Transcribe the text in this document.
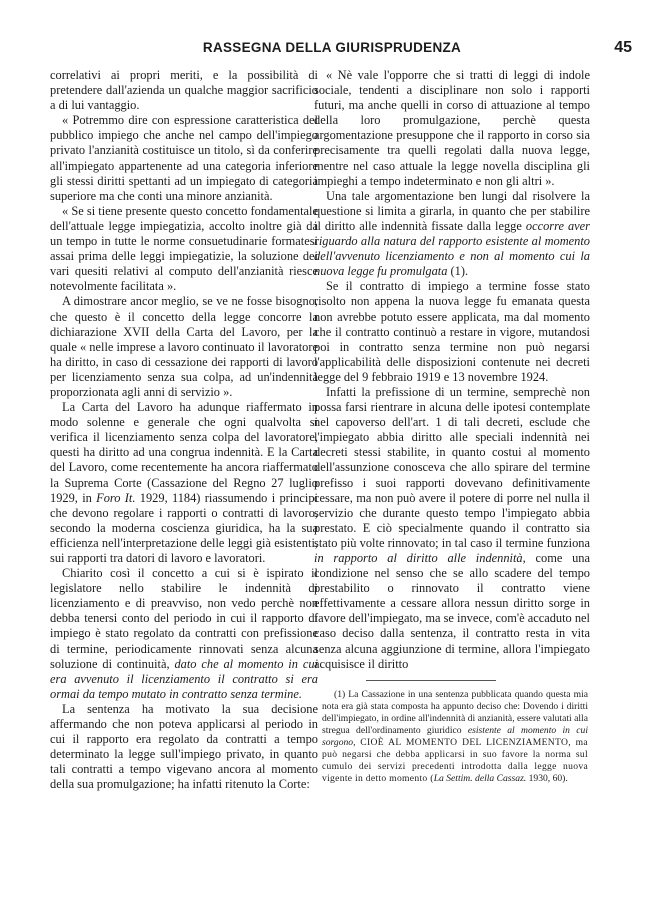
RASSEGNA DELLA GIURISPRUDENZA	45

correlativi ai propri meriti, e la possibilità di pretendere dall'azienda un qualche maggior sacrificio a di lui vantaggio.

« Potremmo dire con espressione caratteristica del pubblico impiego che anche nel campo dell'impiego privato l'anzianità costituisce un titolo, sì da conferire all'impiegato appartenente ad una categoria inferiore gli stessi diritti spettanti ad un impiegato di categoria superiore ma che conti una minore anzianità.

« Se si tiene presente questo concetto fondamentale dell'attuale legge impiegatizia, accolto inoltre già da un tempo in tutte le norme consuetudinarie formatesi assai prima delle leggi impiegatizie, la soluzione dei vari quesiti relativi al computo dell'anzianità riesce notevolmente facilitata ».

A dimostrare ancor meglio, se ve ne fosse bisogno, che questo è il concetto della legge concorre la dichiarazione XVII della Carta del Lavoro, per la quale « nelle imprese a lavoro continuato il lavoratore ha diritto, in caso di cessazione dei rapporti di lavoro per licenziamento senza sua colpa, ad un'indennità proporzionata agli anni di servizio ».

La Carta del Lavoro ha adunque riaffermato in modo solenne e generale che ogni qualvolta si verifica il licenziamento senza colpa del lavoratore, questi ha diritto ad una congrua indennità. E la Carta del Lavoro, come recentemente ha ancora riaffermato la Suprema Corte (Cassazione del Regno 27 luglio 1929, in Foro It. 1929, 1184) riassumendo i principi che devono regolare i rapporti o contratti di lavoro, secondo la moderna coscienza giuridica, ha la sua efficienza nell'interpretazione delle leggi già esistenti, sui rapporti tra datori di lavoro e lavoratori.

Chiarito così il concetto a cui si è ispirato il legislatore nello stabilire le indennità di licenziamento e di preavviso, non vedo perchè non debba tenersi conto del periodo in cui il rapporto di impiego è stato regolato da contratti con prefissione di termine, periodicamente rinnovati senza alcuna soluzione di continuità, dato che al momento in cui era avvenuto il licenziamento il contratto si era ormai da tempo mutato in contratto senza termine.

La sentenza ha motivato la sua decisione affermando che non poteva applicarsi al periodo in cui il rapporto era regolato da contratti a tempo determinato la legge sull'impiego privato, in quanto tali contratti a tempo vigevano ancora al momento della sua promulgazione; ha infatti ritenuto la Corte:

« Nè vale l'opporre che si tratti di leggi di indole sociale, tendenti a disciplinare non solo i rapporti futuri, ma anche quelli in corso di attuazione al tempo della loro promulgazione, perchè questa argomentazione presuppone che il rapporto in corso sia precisamente tra quelli regolati dalla nuova legge, mentre nel caso attuale la legge novella disciplina gli impieghi a tempo indeterminato e non gli altri ».

Una tale argomentazione ben lungi dal risolvere la questione si limita a girarla, in quanto che per stabilire il diritto alle indennità fissate dalla legge occorre aver riguardo alla natura del rapporto esistente al momento dell'avvenuto licenziamento e non al momento cui la nuova legge fu promulgata (1).

Se il contratto di impiego a termine fosse stato risolto non appena la nuova legge fu emanata questa non avrebbe potuto essere applicata, ma dal momento che il contratto continuò a restare in vigore, mutandosi poi in contratto senza termine non può negarsi l'applicabilità delle disposizioni contenute nei decreti legge del 9 febbraio 1919 e 13 novembre 1924.

Infatti la prefissione di un termine, semprechè non possa farsi rientrare in alcuna delle ipotesi contemplate nel capoverso dell'art. 1 di tali decreti, esclude che l'impiegato abbia diritto alle speciali indennità nei decreti stessi stabilite, in quanto costui al momento dell'assunzione conosceva che allo spirare del termine prefisso i suoi rapporti dovevano definitivamente cessare, ma non può avere il potere di porre nel nulla il servizio che durante questo tempo l'impiegato abbia prestato. E ciò specialmente quando il contratto sia stato più volte rinnovato; in tal caso il termine funziona in rapporto al diritto alle indennità, come una condizione nel senso che se allo scadere del tempo prestabilito o rinnovato il contratto viene effettivamente a cessare allora nessun diritto sorge in favore dell'impiegato, ma se invece, com'è accaduto nel caso deciso dalla sentenza, il contratto resta in vita senza alcuna aggiunzione di termine, allora l'impiegato acquisisce il diritto

(1) La Cassazione in una sentenza pubblicata quando questa mia nota era già stata composta ha appunto deciso che: Dovendo i diritti dell'impiegato, in ordine all'indennità di anzianità, essere valutati alla stregua dell'ordinamento giuridico esistente al momento in cui sorgono, CIOÈ AL MOMENTO DEL LICENZIAMENTO, ma può negarsi che debba applicarsi in suo favore la norma sul cumulo dei servizi precedenti introdotta dalla legge nuova vigente in detto momento (La Settim. della Cassaz. 1930, 60).
